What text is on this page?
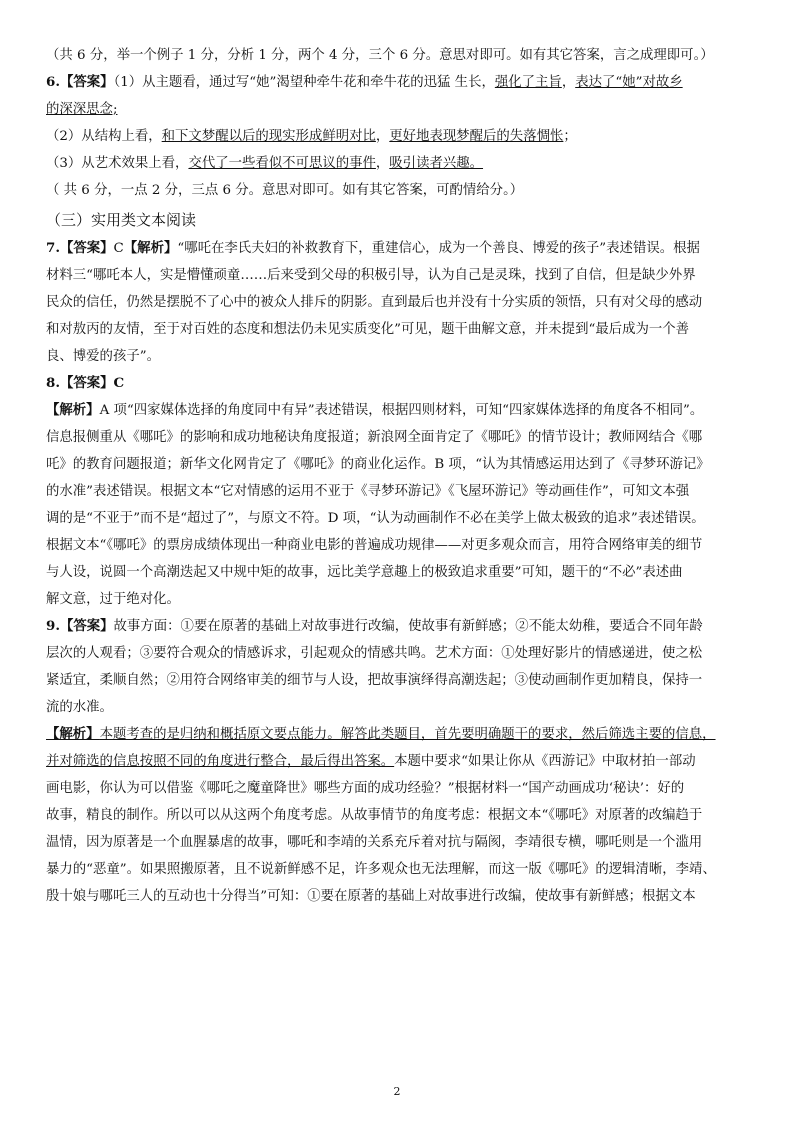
（共 6 分，举一个例子 1 分，分析 1 分，两个 4 分，三个 6 分。意思对即可。如有其它答案，言之成理即可。）

6.【答案】（1）从主题看，通过写“她”渴望种牵牛花和牵牛花的迅猛 生长，强化了主旨，表达了“她”对故乡

的深深思念;

（2）从结构上看，和下文梦醒以后的现实形成鲜明对比，更好地表现梦醒后的失落惆怅；

（3）从艺术效果上看，交代了一些看似不可思议的事件，吸引读者兴趣。

（ 共 6 分，一点 2 分，三点 6 分。意思对即可。如有其它答案，可酌情给分。）

（三）实用类文本阅读

7.【答案】C【解析】“哪吒在李氏夫妇的补救教育下，重建信心，成为一个善良、博爱的孩子”表述错误。根据

材料三“哪吒本人，实是懵懂顽童……后来受到父母的积极引导，认为自己是灵珠，找到了自信，但是缺少外界

民众的信任，仍然是摆脱不了心中的被众人排斥的阴影。直到最后也并没有十分实质的领悟，只有对父母的感动

和对敖丙的友情，至于对百姓的态度和想法仍未见实质变化”可见，题干曲解文意，并未提到“最后成为一个善

良、博爱的孩子”。

8.【答案】C

【解析】A 项“四家媒体选择的角度同中有异”表述错误，根据四则材料，可知“四家媒体选择的角度各不相同”。

信息报侧重从《哪吒》的影响和成功地秘诀角度报道；新浪网全面肯定了《哪吒》的情节设计；教师网结合《哪

吒》的教育问题报道；新华文化网肯定了《哪吒》的商业化运作。B 项，“认为其情感运用达到了《寻梦环游记》

的水准”表述错误。根据文本“它对情感的运用不亚于《寻梦环游记》《飞屋环游记》等动画佳作”，可知文本强

调的是“不亚于”而不是“超过了”，与原文不符。D 项，“认为动画制作不必在美学上做太极致的追求”表述错误。

根据文本“《哪吒》的票房成绩体现出一种商业电影的普遍成功规律——对更多观众而言，用符合网络审美的细节

与人设，说圆一个高潮迭起又中规中矩的故事，远比美学意趣上的极致追求重要”可知，题干的“不必”表述曲

解文意，过于绝对化。

9.【答案】故事方面：①要在原著的基础上对故事进行改编，使故事有新鲜感；②不能太幼稚，要适合不同年龄

层次的人观看；③要符合观众的情感诉求，引起观众的情感共鸣。艺术方面：①处理好影片的情感递进，使之松

紧适宜，柔顺自然；②用符合网络审美的细节与人设，把故事演绎得高潮迭起；③使动画制作更加精良，保持一

流的水准。

【解析】本题考查的是归纳和概括原文要点能力。解答此类题目，首先要明确题干的要求，然后筛选主要的信息，

并对筛选的信息按照不同的角度进行整合，最后得出答案。本题中要求“如果让你从《西游记》中取材拍一部动

画电影，你认为可以借鉴《哪吒之魔童降世》哪些方面的成功经验？”根据材料一“国产动画成功‘秘诀’：好的

故事，精良的制作。所以可以从这两个角度考虑。从故事情节的角度考虑：根据文本“《哪吒》对原著的改编趋于

温情，因为原著是一个血腥暴虐的故事，哪吒和李靖的关系充斥着对抗与隔阂，李靖很专横，哪吒则是一个滥用

暴力的“恶童”。如果照搬原著，且不说新鲜感不足，许多观众也无法理解，而这一版《哪吒》的逻辑清晰，李靖、

殷十娘与哪吒三人的互动也十分得当”可知：①要在原著的基础上对故事进行改编，使故事有新鲜感；根据文本

2
